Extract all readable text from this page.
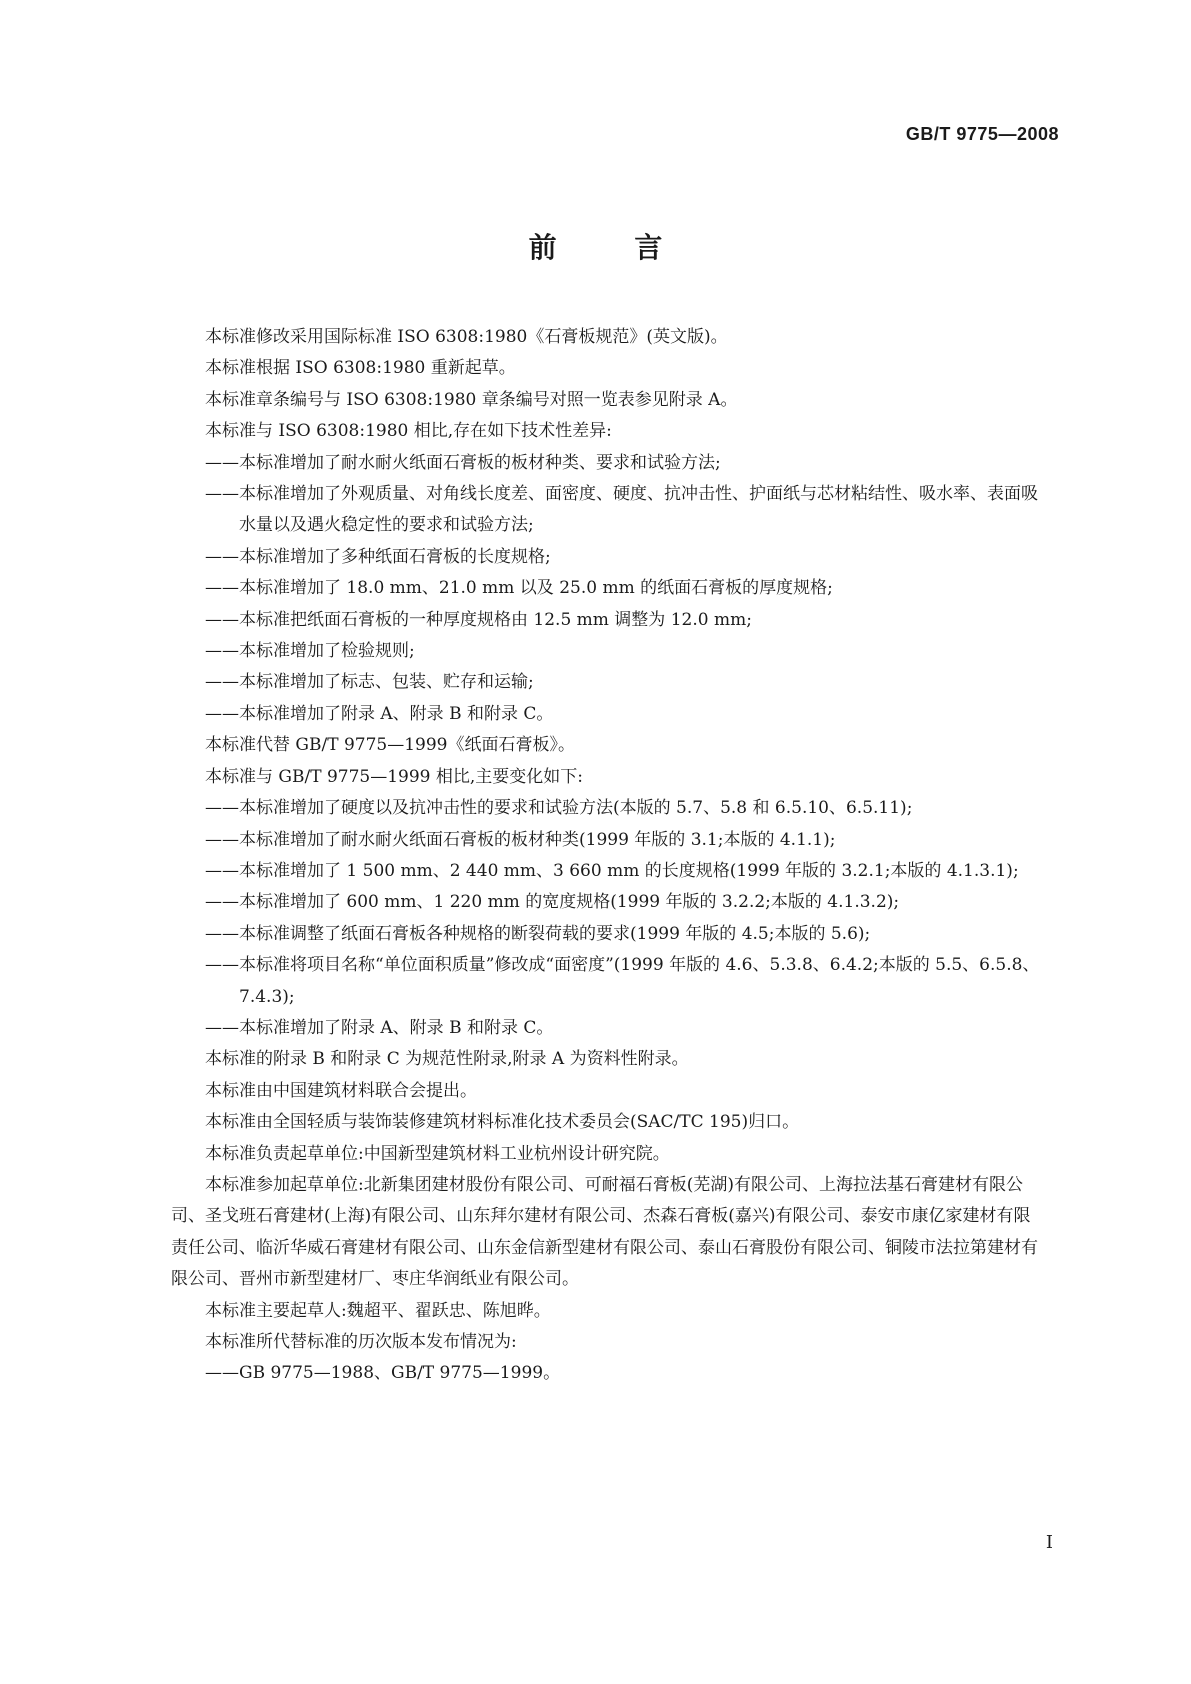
GB/T 9775—2008
前 言

本标准修改采用国际标准 ISO 6308:1980《石膏板规范》(英文版)。

本标准根据 ISO 6308:1980 重新起草。

本标准章条编号与 ISO 6308:1980 章条编号对照一览表参见附录 A。

本标准与 ISO 6308:1980 相比,存在如下技术性差异:

——本标准增加了耐水耐火纸面石膏板的板材种类、要求和试验方法;

——本标准增加了外观质量、对角线长度差、面密度、硬度、抗冲击性、护面纸与芯材粘结性、吸水率、表面吸水量以及遇火稳定性的要求和试验方法;

——本标准增加了多种纸面石膏板的长度规格;

——本标准增加了 18.0 mm、21.0 mm 以及 25.0 mm 的纸面石膏板的厚度规格;

——本标准把纸面石膏板的一种厚度规格由 12.5 mm 调整为 12.0 mm;

——本标准增加了检验规则;

——本标准增加了标志、包装、贮存和运输;

——本标准增加了附录 A、附录 B 和附录 C。

本标准代替 GB/T 9775—1999《纸面石膏板》。

本标准与 GB/T 9775—1999 相比,主要变化如下:

——本标准增加了硬度以及抗冲击性的要求和试验方法(本版的 5.7、5.8 和 6.5.10、6.5.11);

——本标准增加了耐水耐火纸面石膏板的板材种类(1999 年版的 3.1;本版的 4.1.1);

——本标准增加了 1 500 mm、2 440 mm、3 660 mm 的长度规格(1999 年版的 3.2.1;本版的 4.1.3.1);

——本标准增加了 600 mm、1 220 mm 的宽度规格(1999 年版的 3.2.2;本版的 4.1.3.2);

——本标准调整了纸面石膏板各种规格的断裂荷载的要求(1999 年版的 4.5;本版的 5.6);

——本标准将项目名称“单位面积质量”修改成“面密度”(1999 年版的 4.6、5.3.8、6.4.2;本版的 5.5、6.5.8、7.4.3);

——本标准增加了附录 A、附录 B 和附录 C。

本标准的附录 B 和附录 C 为规范性附录,附录 A 为资料性附录。

本标准由中国建筑材料联合会提出。

本标准由全国轻质与装饰装修建筑材料标准化技术委员会(SAC/TC 195)归口。

本标准负责起草单位:中国新型建筑材料工业杭州设计研究院。

本标准参加起草单位:北新集团建材股份有限公司、可耐福石膏板(芜湖)有限公司、上海拉法基石膏建材有限公司、圣戈班石膏建材(上海)有限公司、山东拜尔建材有限公司、杰森石膏板(嘉兴)有限公司、泰安市康亿家建材有限责任公司、临沂华威石膏建材有限公司、山东金信新型建材有限公司、泰山石膏股份有限公司、铜陵市法拉第建材有限公司、晋州市新型建材厂、枣庄华润纸业有限公司。

本标准主要起草人:魏超平、翟跃忠、陈旭晔。

本标准所代替标准的历次版本发布情况为:

——GB 9775—1988、GB/T 9775—1999。

I
